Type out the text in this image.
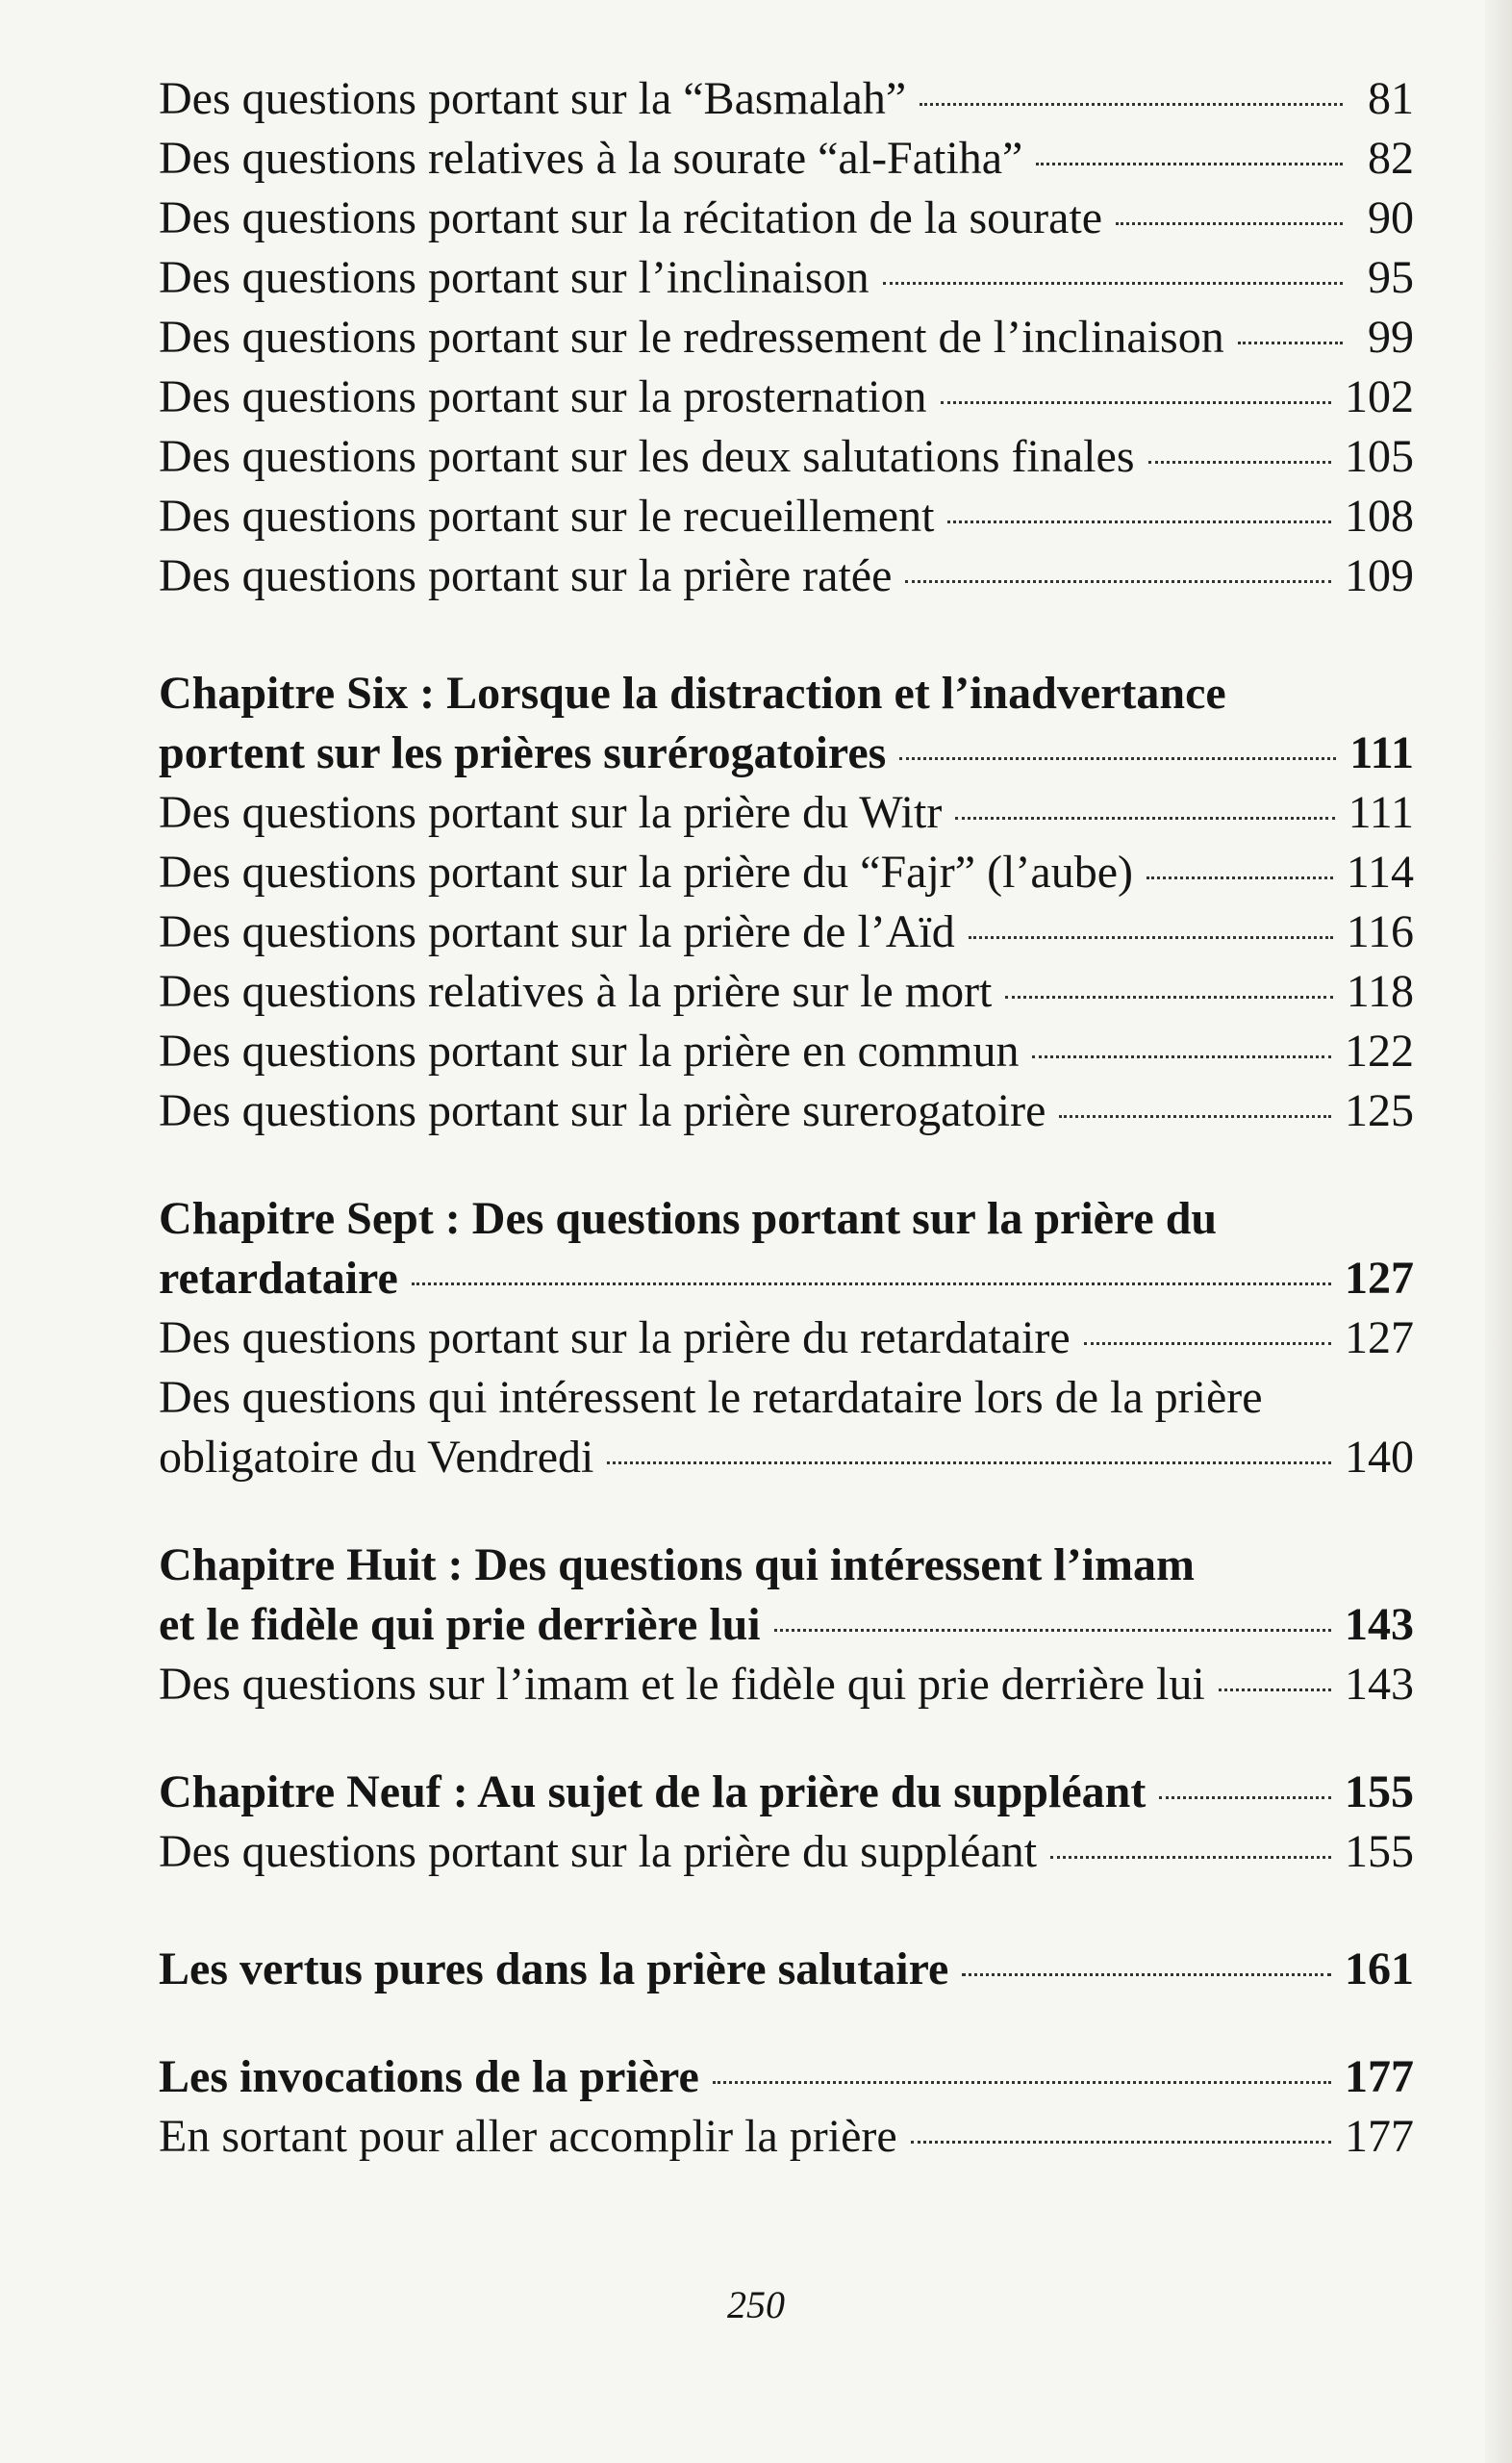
Des questions portant sur la “Basmalah”	81
Des questions relatives à la sourate “al-Fatiha”	82
Des questions portant sur la récitation de la sourate	90
Des questions portant sur l’inclinaison	95
Des questions portant sur le redressement de l’inclinaison	99
Des questions portant sur la prosternation	102
Des questions portant sur les deux salutations finales	105
Des questions portant sur le recueillement	108
Des questions portant sur la prière ratée	109
Chapitre Six : Lorsque la distraction et l’inadvertance
portent sur les prières surérogatoires	111
Des questions portant sur la prière du Witr	111
Des questions portant sur la prière du “Fajr” (l’aube)	114
Des questions portant sur la prière de l’Aïd	116
Des questions relatives à la prière sur le mort	118
Des questions portant sur la prière en commun	122
Des questions portant sur la prière surerogatoire	125
Chapitre Sept : Des questions portant sur la prière du
retardataire	127
Des questions portant sur la prière du retardataire	127
Des questions qui intéressent le retardataire lors de la prière
obligatoire du Vendredi	140
Chapitre Huit : Des questions qui intéressent l’imam
et le fidèle qui prie derrière lui	143
Des questions sur l’imam et le fidèle qui prie derrière lui	143
Chapitre Neuf : Au sujet de la prière du suppléant	155
Des questions portant sur la prière du suppléant	155
Les vertus pures dans la prière salutaire	161
Les invocations de la prière	177
En sortant pour aller accomplir la prière	177
250
